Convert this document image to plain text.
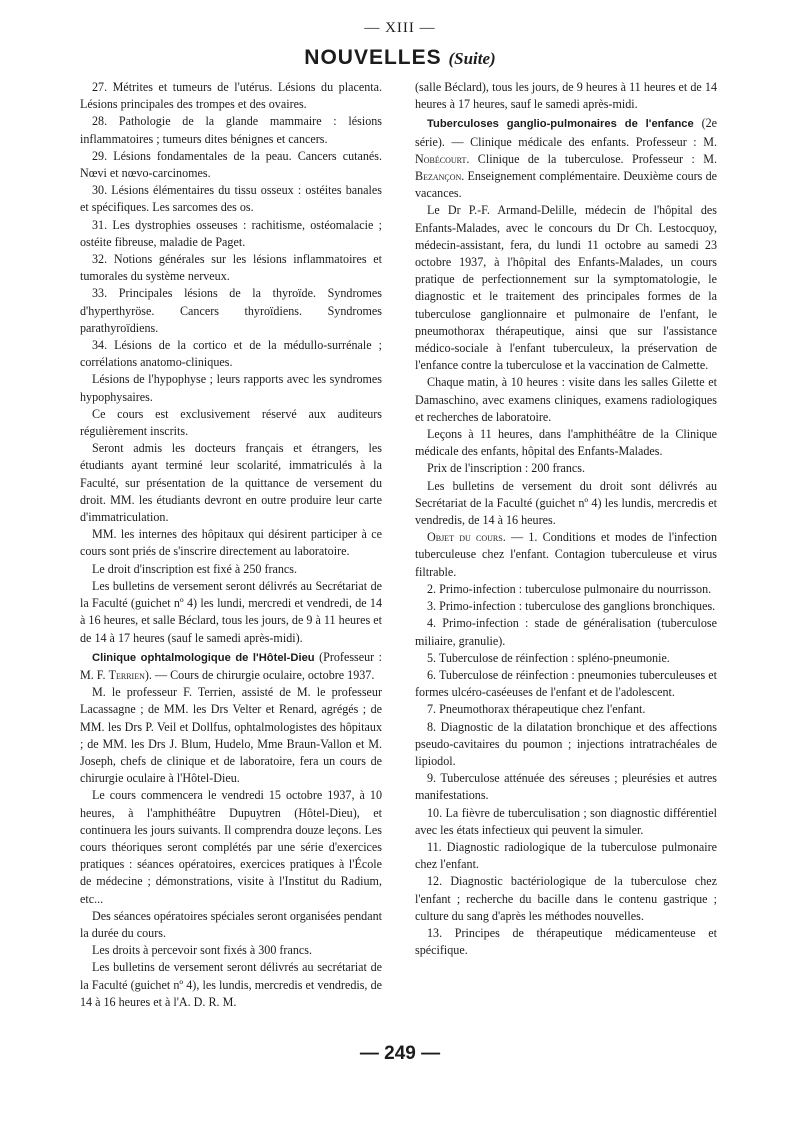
— XIII —
NOUVELLES (Suite)

27. Métrites et tumeurs de l'utérus. Lésions du placenta. Lésions principales des trompes et des ovaires.

28. Pathologie de la glande mammaire : lésions inflammatoires ; tumeurs dites bénignes et cancers.

29. Lésions fondamentales de la peau. Cancers cutanés. Nœvi et nœvo-carcinomes.

30. Lésions élémentaires du tissu osseux : ostéites banales et spécifiques. Les sarcomes des os.

31. Les dystrophies osseuses : rachitisme, ostéomalacie ; ostéite fibreuse, maladie de Paget.

32. Notions générales sur les lésions inflammatoires et tumorales du système nerveux.

33. Principales lésions de la thyroïde. Syndromes d'hyperthyröse. Cancers thyroïdiens. Syndromes parathyroïdiens.

34. Lésions de la cortico et de la médullo-surrénale ; corrélations anatomo-cliniques.

Lésions de l'hypophyse ; leurs rapports avec les syndromes hypophysaires.

Ce cours est exclusivement réservé aux auditeurs régulièrement inscrits.

Seront admis les docteurs français et étrangers, les étudiants ayant terminé leur scolarité, immatriculés à la Faculté, sur présentation de la quittance de versement du droit. MM. les étudiants devront en outre produire leur carte d'immatriculation.

MM. les internes des hôpitaux qui désirent participer à ce cours sont priés de s'inscrire directement au laboratoire.

Le droit d'inscription est fixé à 250 francs.

Les bulletins de versement seront délivrés au Secrétariat de la Faculté (guichet nº 4) les lundi, mercredi et vendredi, de 14 à 16 heures, et salle Béclard, tous les jours, de 9 à 11 heures et de 14 à 17 heures (sauf le samedi après-midi).

Clinique ophtalmologique de l'Hôtel-Dieu (Professeur : M. F. Terrien). — Cours de chirurgie oculaire, octobre 1937.

M. le professeur F. Terrien, assisté de M. le professeur Lacassagne ; de MM. les Drs Velter et Renard, agrégés ; de MM. les Drs P. Veil et Dollfus, ophtalmologistes des hôpitaux ; de MM. les Drs J. Blum, Hudelo, Mme Braun-Vallon et M. Joseph, chefs de clinique et de laboratoire, fera un cours de chirurgie oculaire à l'Hôtel-Dieu.

Le cours commencera le vendredi 15 octobre 1937, à 10 heures, à l'amphithéâtre Dupuytren (Hôtel-Dieu), et continuera les jours suivants. Il comprendra douze leçons. Les cours théoriques seront complétés par une série d'exercices pratiques : séances opératoires, exercices pratiques à l'École de médecine ; démonstrations, visite à l'Institut du Radium, etc...

Des séances opératoires spéciales seront organisées pendant la durée du cours.

Les droits à percevoir sont fixés à 300 francs.

Les bulletins de versement seront délivrés au secrétariat de la Faculté (guichet nº 4), les lundis, mercredis et vendredis, de 14 à 16 heures et à l'A. D. R. M.

(salle Béclard), tous les jours, de 9 heures à 11 heures et de 14 heures à 17 heures, sauf le samedi après-midi.

Tuberculoses ganglio-pulmonaires de l'enfance (2e série). — Clinique médicale des enfants. Professeur : M. Nobécourt. Clinique de la tuberculose. Professeur : M. Bezançon. Enseignement complémentaire. Deuxième cours de vacances.

Le Dr P.-F. Armand-Delille, médecin de l'hôpital des Enfants-Malades, avec le concours du Dr Ch. Lestocquoy, médecin-assistant, fera, du lundi 11 octobre au samedi 23 octobre 1937, à l'hôpital des Enfants-Malades, un cours pratique de perfectionnement sur la symptomatologie, le diagnostic et le traitement des principales formes de la tuberculose ganglionnaire et pulmonaire de l'enfant, le pneumothorax thérapeutique, ainsi que sur l'assistance médico-sociale à l'enfant tuberculeux, la préservation de l'enfance contre la tuberculose et la vaccination de Calmette.

Chaque matin, à 10 heures : visite dans les salles Gilette et Damaschino, avec examens cliniques, examens radiologiques et recherches de laboratoire.

Leçons à 11 heures, dans l'amphithéâtre de la Clinique médicale des enfants, hôpital des Enfants-Malades.

Prix de l'inscription : 200 francs.

Les bulletins de versement du droit sont délivrés au Secrétariat de la Faculté (guichet nº 4) les lundis, mercredis et vendredis, de 14 à 16 heures.

Objet du cours. — 1. Conditions et modes de l'infection tuberculeuse chez l'enfant. Contagion tuberculeuse et virus filtrable.

2. Primo-infection : tuberculose pulmonaire du nourrisson.

3. Primo-infection : tuberculose des ganglions bronchiques.

4. Primo-infection : stade de généralisation (tuberculose miliaire, granulie).

5. Tuberculose de réinfection : spléno-pneumonie.

6. Tuberculose de réinfection : pneumonies tuberculeuses et formes ulcéro-caséeuses de l'enfant et de l'adolescent.

7. Pneumothorax thérapeutique chez l'enfant.

8. Diagnostic de la dilatation bronchique et des affections pseudo-cavitaires du poumon ; injections intratrachéales de lipiodol.

9. Tuberculose atténuée des séreuses ; pleurésies et autres manifestations.

10. La fièvre de tuberculisation ; son diagnostic différentiel avec les états infectieux qui peuvent la simuler.

11. Diagnostic radiologique de la tuberculose pulmonaire chez l'enfant.

12. Diagnostic bactériologique de la tuberculose chez l'enfant ; recherche du bacille dans le contenu gastrique ; culture du sang d'après les méthodes nouvelles.

13. Principes de thérapeutique médicamenteuse et spécifique.

— 249 —
